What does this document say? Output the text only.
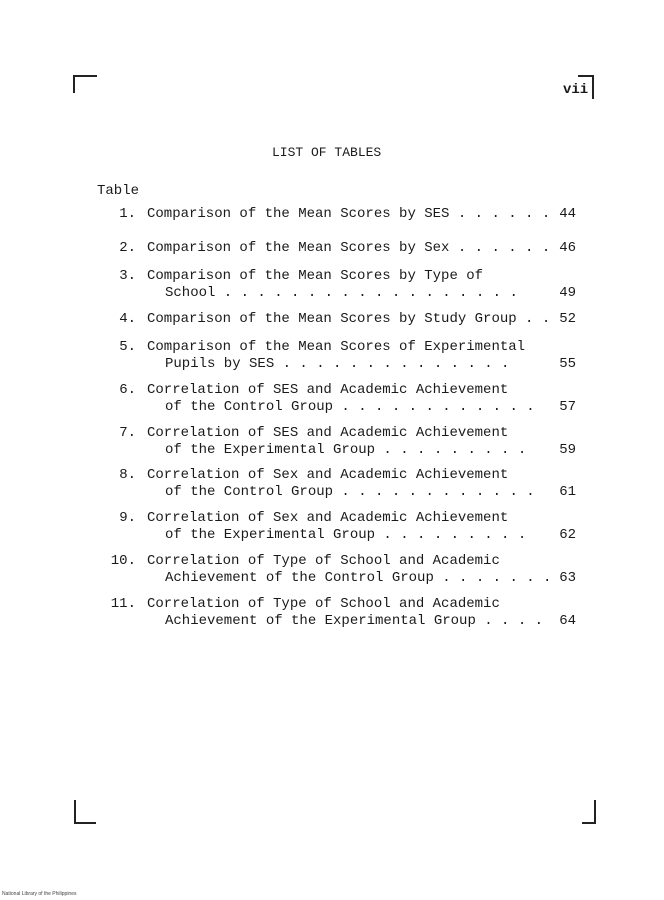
vii
LIST OF TABLES
Table
1. Comparison of the Mean Scores by SES . . . . . . 44
2. Comparison of the Mean Scores by Sex . . . . . . 46
3. Comparison of the Mean Scores by Type of
School . . . . . . . . . . . . . . . . . .	49
4. Comparison of the Mean Scores by Study Group . . 52
5. Comparison of the Mean Scores of Experimental
Pupils by SES . . . . . . . . . . . . . .	55
6. Correlation of SES and Academic Achievement
of the Control Group . . . . . . . . . . . .	57
7. Correlation of SES and Academic Achievement
of the Experimental Group . . . . . . . . .	59
8. Correlation of Sex and Academic Achievement
of the Control Group . . . . . . . . . . . .	61
9. Correlation of Sex and Academic Achievement
of the Experimental Group . . . . . . . . .	62
10. Correlation of Type of School and Academic
Achievement of the Control Group . . . . . . . 63
11. Correlation of Type of School and Academic
Achievement of the Experimental Group . . . .	64
National Library of the Philippines
